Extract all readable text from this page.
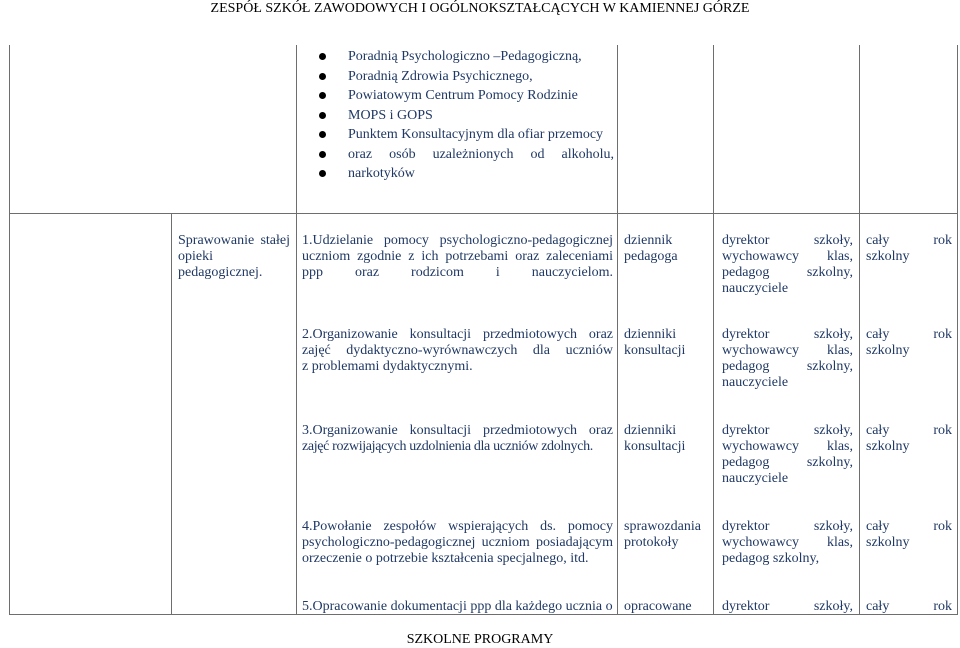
ZESPÓŁ SZKÓŁ ZAWODOWYCH I OGÓLNOKSZTAŁCĄCYCH W KAMIENNEJ GÓRZE
Poradnią Psychologiczno –Pedagogiczną,
Poradnią Zdrowia Psychicznego,
Powiatowym Centrum Pomocy Rodzinie
MOPS i GOPS
Punktem Konsultacyjnym dla ofiar przemocy
oraz osób uzależnionych od alkoholu,
narkotyków
Sprawowanie stałej
opieki
pedagogicznej.
1.Udzielanie pomocy psychologiczno-pedagogicznej
uczniom zgodnie z ich potrzebami oraz zaleceniami
ppp oraz rodzicom i nauczycielom.
dziennik
pedagoga
dyrektor szkoły,
wychowawcy klas,
pedagog szkolny,
nauczyciele
cały rok
szkolny
2.Organizowanie konsultacji przedmiotowych oraz
zajęć dydaktyczno-wyrównawczych dla uczniów
z problemami dydaktycznymi.
dzienniki
konsultacji
dyrektor szkoły,
wychowawcy klas,
pedagog szkolny,
nauczyciele
cały rok
szkolny
3.Organizowanie konsultacji przedmiotowych oraz
zajęć rozwijających uzdolnienia dla uczniów zdolnych.
dzienniki
konsultacji
dyrektor szkoły,
wychowawcy klas,
pedagog szkolny,
nauczyciele
cały rok
szkolny
4.Powołanie zespołów wspierających ds. pomocy
psychologiczno-pedagogicznej uczniom posiadającym
orzeczenie o potrzebie kształcenia specjalnego, itd.
sprawozdania
protokoły
dyrektor szkoły,
wychowawcy klas,
pedagog szkolny,
cały rok
szkolny
5.Opracowanie dokumentacji ppp dla każdego ucznia o opracowane	dyrektor szkoły, cały rok
SZKOLNE PROGRAMY
